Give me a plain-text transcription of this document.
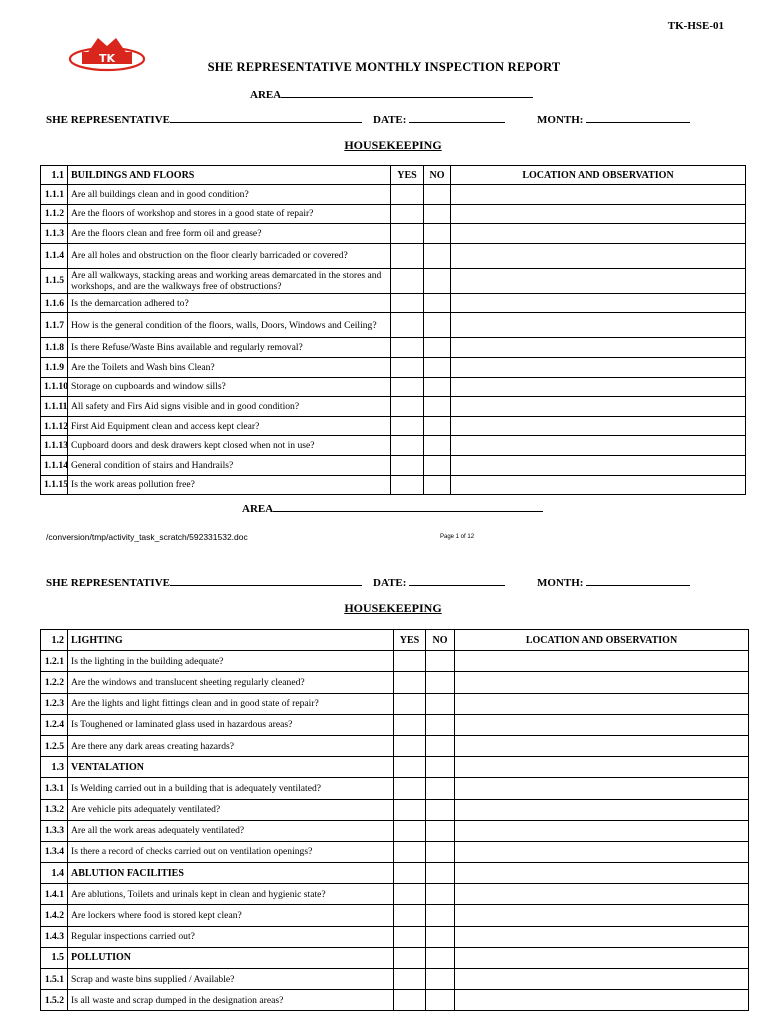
TK-HSE-01
TK
SHE REPRESENTATIVE MONTHLY INSPECTION REPORT
AREA
SHE REPRESENTATIVE	DATE:	MONTH:
HOUSEKEEPING
1.1	BUILDINGS AND FLOORS	YES	NO	LOCATION AND OBSERVATION
1.1.1	Are all buildings clean and in good condition?			
1.1.2	Are the floors of workshop and stores in a good state of repair?			
1.1.3	Are the floors clean and free form oil and grease?			
1.1.4	Are all holes and obstruction on the floor clearly barricaded or covered?			
1.1.5	Are all walkways, stacking areas and working areas demarcated in the stores and workshops, and are the walkways free of obstructions?			
1.1.6	Is the demarcation adhered to?			
1.1.7	How is the general condition of the floors, walls, Doors, Windows and Ceiling?			
1.1.8	Is there Refuse/Waste Bins available and regularly removal?			
1.1.9	Are the Toilets and Wash bins Clean?			
1.1.10	Storage on cupboards and window sills?			
1.1.11	All safety and Firs Aid signs visible and in good condition?			
1.1.12	First Aid Equipment clean and access kept clear?			
1.1.13	Cupboard doors and desk drawers kept closed when not in use?			
1.1.14	General condition of stairs and Handrails?			
1.1.15	Is the work areas pollution free?			
AREA
/conversion/tmp/activity_task_scratch/592331532.doc	Page 1 of 12
SHE REPRESENTATIVE	DATE:	MONTH:
HOUSEKEEPING
1.2	LIGHTING	YES	NO	LOCATION AND OBSERVATION
1.2.1	Is the lighting in the building adequate?			
1.2.2	Are the windows and translucent sheeting regularly cleaned?			
1.2.3	Are the lights and light fittings clean and in good state of repair?			
1.2.4	Is Toughened or laminated glass used in hazardous areas?			
1.2.5	Are there any dark areas creating hazards?			
1.3	VENTALATION			
1.3.1	Is Welding carried out in a building that is adequately ventilated?			
1.3.2	Are vehicle pits adequately ventilated?			
1.3.3	Are all the work areas adequately ventilated?			
1.3.4	Is there a record of checks carried out on ventilation openings?			
1.4	ABLUTION FACILITIES			
1.4.1	Are ablutions, Toilets and urinals kept in clean and hygienic state?			
1.4.2	Are lockers where food is stored kept clean?			
1.4.3	Regular inspections carried out?			
1.5	POLLUTION			
1.5.1	Scrap and waste bins supplied / Available?			
1.5.2	Is all waste and scrap dumped in the designation areas?			
